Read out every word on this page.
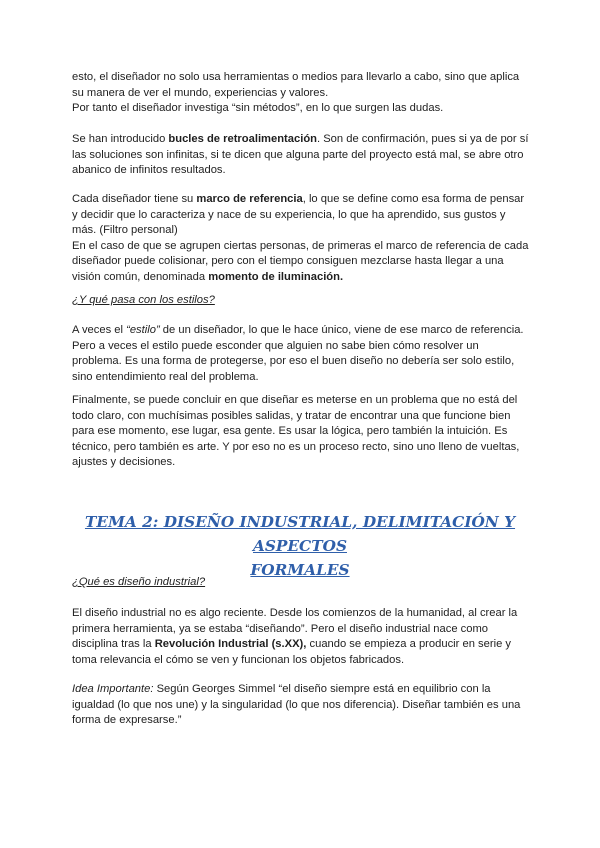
esto, el diseñador no solo usa herramientas o medios para llevarlo a cabo, sino que aplica

su manera de ver el mundo, experiencias y valores.

Por tanto el diseñador investiga “sin métodos”, en lo que surgen las dudas.

Se han introducido bucles de retroalimentación. Son de confirmación, pues si ya de por sí

las soluciones son infinitas, si te dicen que alguna parte del proyecto está mal, se abre otro

abanico de infinitos resultados.

Cada diseñador tiene su marco de referencia, lo que se define como esa forma de pensar

y decidir que lo caracteriza y nace de su experiencia, lo que ha aprendido, sus gustos y

más. (Filtro personal)

En el caso de que se agrupen ciertas personas, de primeras el marco de referencia de cada

diseñador puede colisionar, pero con el tiempo consiguen mezclarse hasta llegar a una

visión común, denominada momento de iluminación.

¿Y qué pasa con los estilos?

A veces el “estilo” de un diseñador, lo que le hace único, viene de ese marco de referencia.

Pero a veces el estilo puede esconder que alguien no sabe bien cómo resolver un

problema. Es una forma de protegerse, por eso el buen diseño no debería ser solo estilo,

sino entendimiento real del problema.

Finalmente, se puede concluir en que diseñar es meterse en un problema que no está del

todo claro, con muchísimas posibles salidas, y tratar de encontrar una que funcione bien

para ese momento, ese lugar, esa gente. Es usar la lógica, pero también la intuición. Es

técnico, pero también es arte. Y por eso no es un proceso recto, sino uno lleno de vueltas,

ajustes y decisiones.

TEMA 2: DISEÑO INDUSTRIAL, DELIMITACIÓN Y ASPECTOS
FORMALES

¿Qué es diseño industrial?

El diseño industrial no es algo reciente. Desde los comienzos de la humanidad, al crear la

primera herramienta, ya se estaba “diseñando”. Pero el diseño industrial nace como

disciplina tras la Revolución Industrial (s.XX), cuando se empieza a producir en serie y

toma relevancia el cómo se ven y funcionan los objetos fabricados.

Idea Importante: Según Georges Simmel “el diseño siempre está en equilibrio con la

igualdad (lo que nos une) y la singularidad (lo que nos diferencia). Diseñar también es una

forma de expresarse.”
